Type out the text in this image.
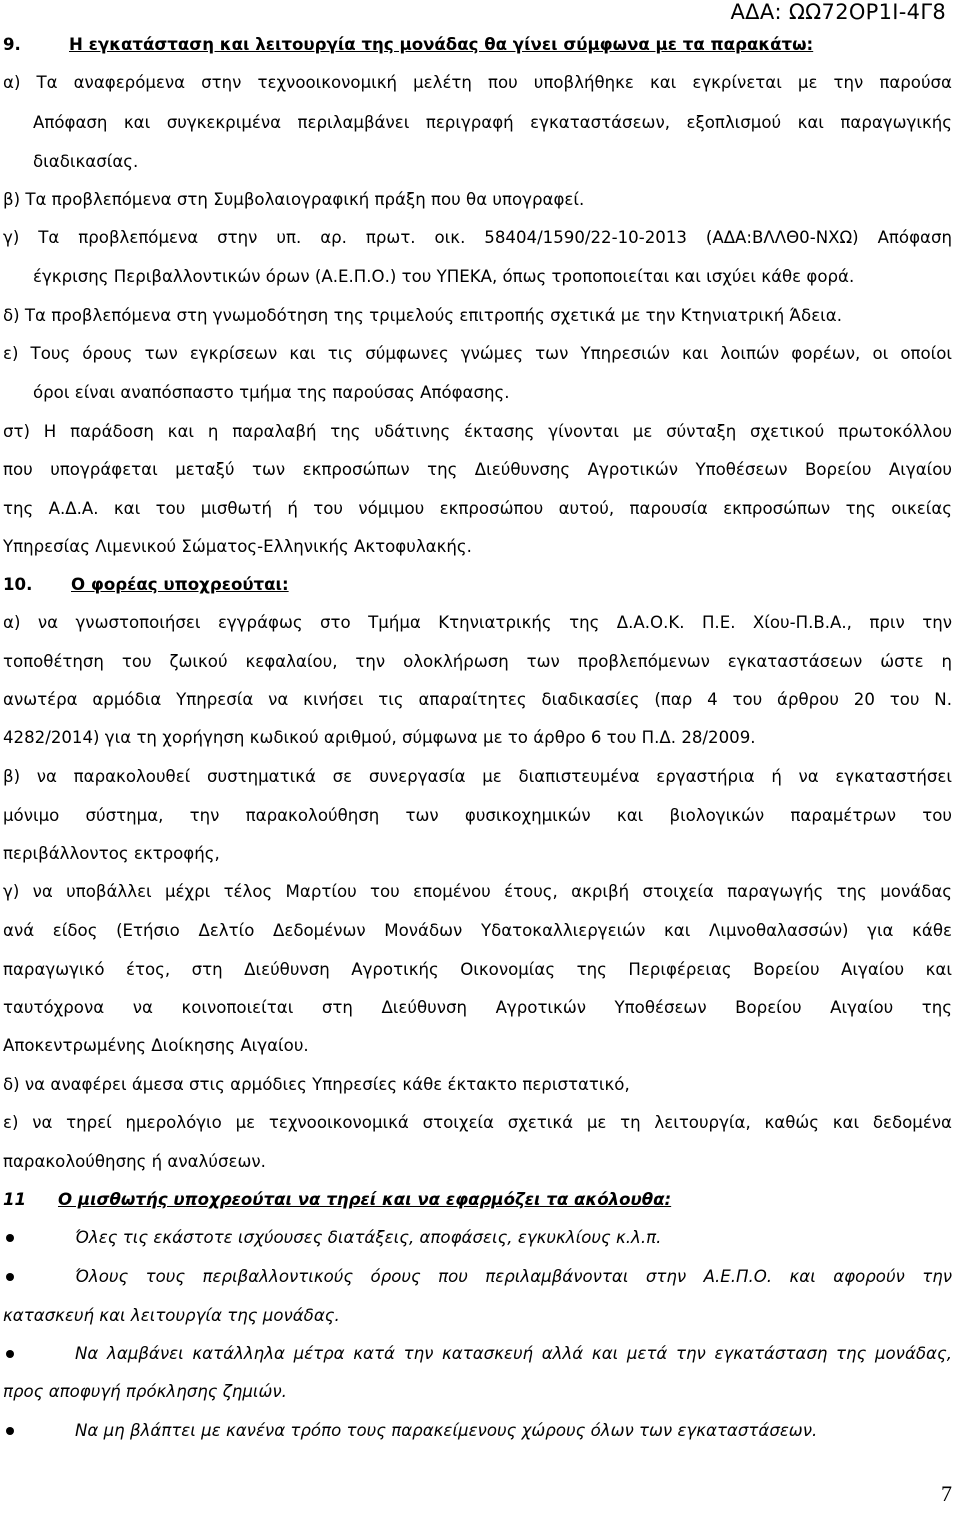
ΑΔΑ: ΩΩ72ΟΡ1Ι-4Γ8
9.	Η εγκατάσταση και λειτουργία της μονάδας θα γίνει σύμφωνα με τα παρακάτω:
α) Τα αναφερόμενα στην τεχνοοικονομική μελέτη που υποβλήθηκε και εγκρίνεται με την παρούσα
Απόφαση και συγκεκριμένα περιλαμβάνει περιγραφή εγκαταστάσεων, εξοπλισμού και παραγωγικής
διαδικασίας.
β) Τα προβλεπόμενα στη Συμβολαιογραφική πράξη που θα υπογραφεί.
γ) Τα προβλεπόμενα στην υπ. αρ. πρωτ. οικ. 58404/1590/22-10-2013 (ΑΔΑ:ΒΛΛΘ0-ΝΧΩ) Απόφαση
έγκρισης Περιβαλλοντικών όρων (Α.Ε.Π.Ο.) του ΥΠΕΚΑ, όπως τροποποιείται και ισχύει κάθε φορά.
δ) Τα προβλεπόμενα στη γνωμοδότηση της τριμελούς επιτροπής σχετικά με την Κτηνιατρική Άδεια.
ε) Τους όρους των εγκρίσεων και τις σύμφωνες γνώμες των Υπηρεσιών και λοιπών φορέων, οι οποίοι
όροι είναι αναπόσπαστο τμήμα της παρούσας Απόφασης.
στ) Η παράδοση και η παραλαβή της υδάτινης έκτασης γίνονται με σύνταξη σχετικού πρωτοκόλλου
που υπογράφεται μεταξύ των εκπροσώπων της Διεύθυνσης Αγροτικών Υποθέσεων Βορείου Αιγαίου
της Α.Δ.Α. και του μισθωτή ή του νόμιμου εκπροσώπου αυτού, παρουσία εκπροσώπων της οικείας
Υπηρεσίας Λιμενικού Σώματος-Ελληνικής Ακτοφυλακής.
10. Ο φορέας υποχρεούται:
α) να γνωστοποιήσει εγγράφως στο Τμήμα Κτηνιατρικής της Δ.Α.Ο.Κ. Π.Ε. Χίου-Π.Β.Α., πριν την
τοποθέτηση του ζωικού κεφαλαίου, την ολοκλήρωση των προβλεπόμενων εγκαταστάσεων ώστε η
ανωτέρα αρμόδια Υπηρεσία να κινήσει τις απαραίτητες διαδικασίες (παρ 4 του άρθρου 20 του Ν.
4282/2014) για τη χορήγηση κωδικού αριθμού, σύμφωνα με το άρθρο 6 του Π.Δ. 28/2009.
β) να παρακολουθεί συστηματικά σε συνεργασία με διαπιστευμένα εργαστήρια ή να εγκαταστήσει
μόνιμο σύστημα, την παρακολούθηση των φυσικοχημικών και βιολογικών παραμέτρων του
περιβάλλοντος εκτροφής,
γ) να υποβάλλει μέχρι τέλος Μαρτίου του επομένου έτους, ακριβή στοιχεία παραγωγής της μονάδας
ανά είδος (Ετήσιο Δελτίο Δεδομένων Μονάδων Υδατοκαλλιεργειών και Λιμνοθαλασσών) για κάθε
παραγωγικό έτος, στη Διεύθυνση Αγροτικής Οικονομίας της Περιφέρειας Βορείου Αιγαίου και
ταυτόχρονα να κοινοποιείται στη Διεύθυνση Αγροτικών Υποθέσεων Βορείου Αιγαίου της
Αποκεντρωμένης Διοίκησης Αιγαίου.
δ) να αναφέρει άμεσα στις αρμόδιες Υπηρεσίες κάθε έκτακτο περιστατικό,
ε) να τηρεί ημερολόγιο με τεχνοοικονομικά στοιχεία σχετικά με τη λειτουργία, καθώς και δεδομένα
παρακολούθησης ή αναλύσεων.
11 Ο μισθωτής υποχρεούται να τηρεί και να εφαρμόζει τα ακόλουθα:
Όλες τις εκάστοτε ισχύουσες διατάξεις, αποφάσεις, εγκυκλίους κ.λ.π.
Όλους τους περιβαλλοντικούς όρους που περιλαμβάνονται στην Α.Ε.Π.Ο. και αφορούν την
κατασκευή και λειτουργία της μονάδας.
Να λαμβάνει κατάλληλα μέτρα κατά την κατασκευή αλλά και μετά την εγκατάσταση της μονάδας,
προς αποφυγή πρόκλησης ζημιών.
Να μη βλάπτει με κανένα τρόπο τους παρακείμενους χώρους όλων των εγκαταστάσεων.
7
